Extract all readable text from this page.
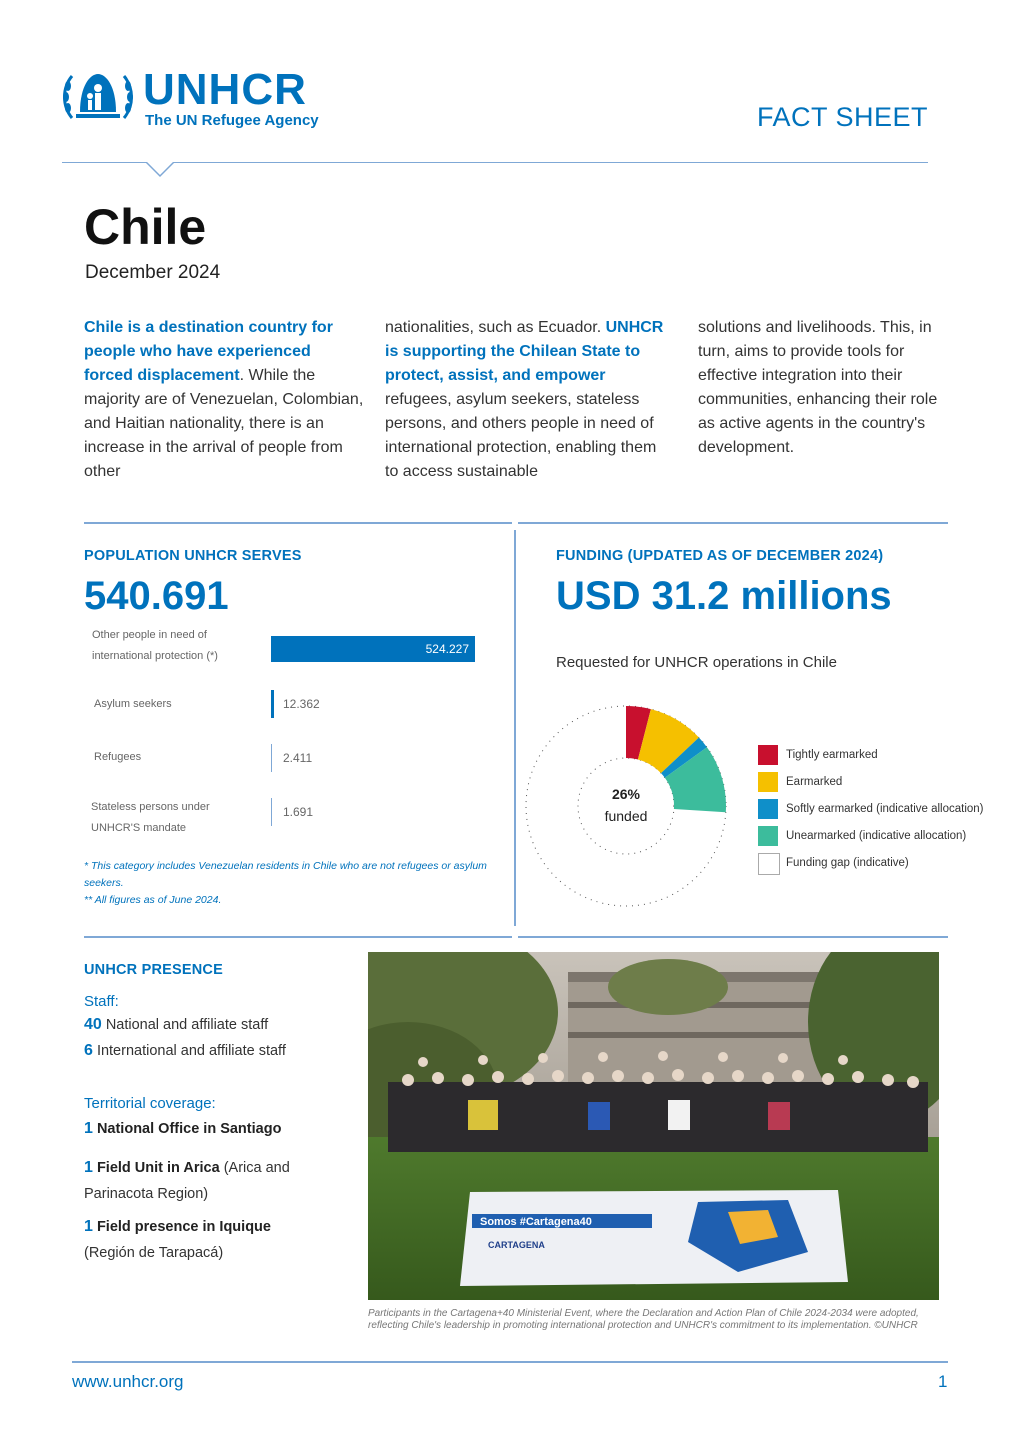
UNHCR
The UN Refugee Agency	FACT SHEET
Chile
December 2024
Chile is a destination country for people who have experienced forced displacement. While the majority are of Venezuelan, Colombian, and Haitian nationality, there is an increase in the arrival of people from other
nationalities, such as Ecuador. UNHCR is supporting the Chilean State to protect, assist, and empower refugees, asylum seekers, stateless persons, and others people in need of international protection, enabling them to access sustainable
solutions and livelihoods. This, in turn, aims to provide tools for effective integration into their communities, enhancing their role as active agents in the country's development.
POPULATION UNHCR SERVES
540.691
Other people in need of international protection (*)
Asylum seekers
Refugees
Stateless persons under UNHCR'S mandate
524.227
12.362
2.411
1.691
* This category includes Venezuelan residents in Chile who are not refugees or asylum seekers.
** All figures as of June 2024.
FUNDING (UPDATED AS OF DECEMBER 2024)
USD 31.2 millions
Requested for UNHCR operations in Chile
26%
funded
Tightly earmarked
Earmarked
Softly earmarked (indicative allocation)
Unearmarked (indicative allocation)
Funding gap (indicative)
UNHCR PRESENCE
Staff:
40 National and affiliate staff
6 International and affiliate staff
Territorial coverage:
1 National Office in Santiago
1 Field Unit in Arica (Arica and Parinacota Region)
1 Field presence in Iquique (Región de Tarapacá)
Somos #Cartagena40
CARTAGENA
Participants in the Cartagena+40 Ministerial Event, where the Declaration and Action Plan of Chile 2024-2034 were adopted, reflecting Chile's leadership in promoting international protection and UNHCR's commitment to its implementation. ©UNHCR
www.unhcr.org	1
